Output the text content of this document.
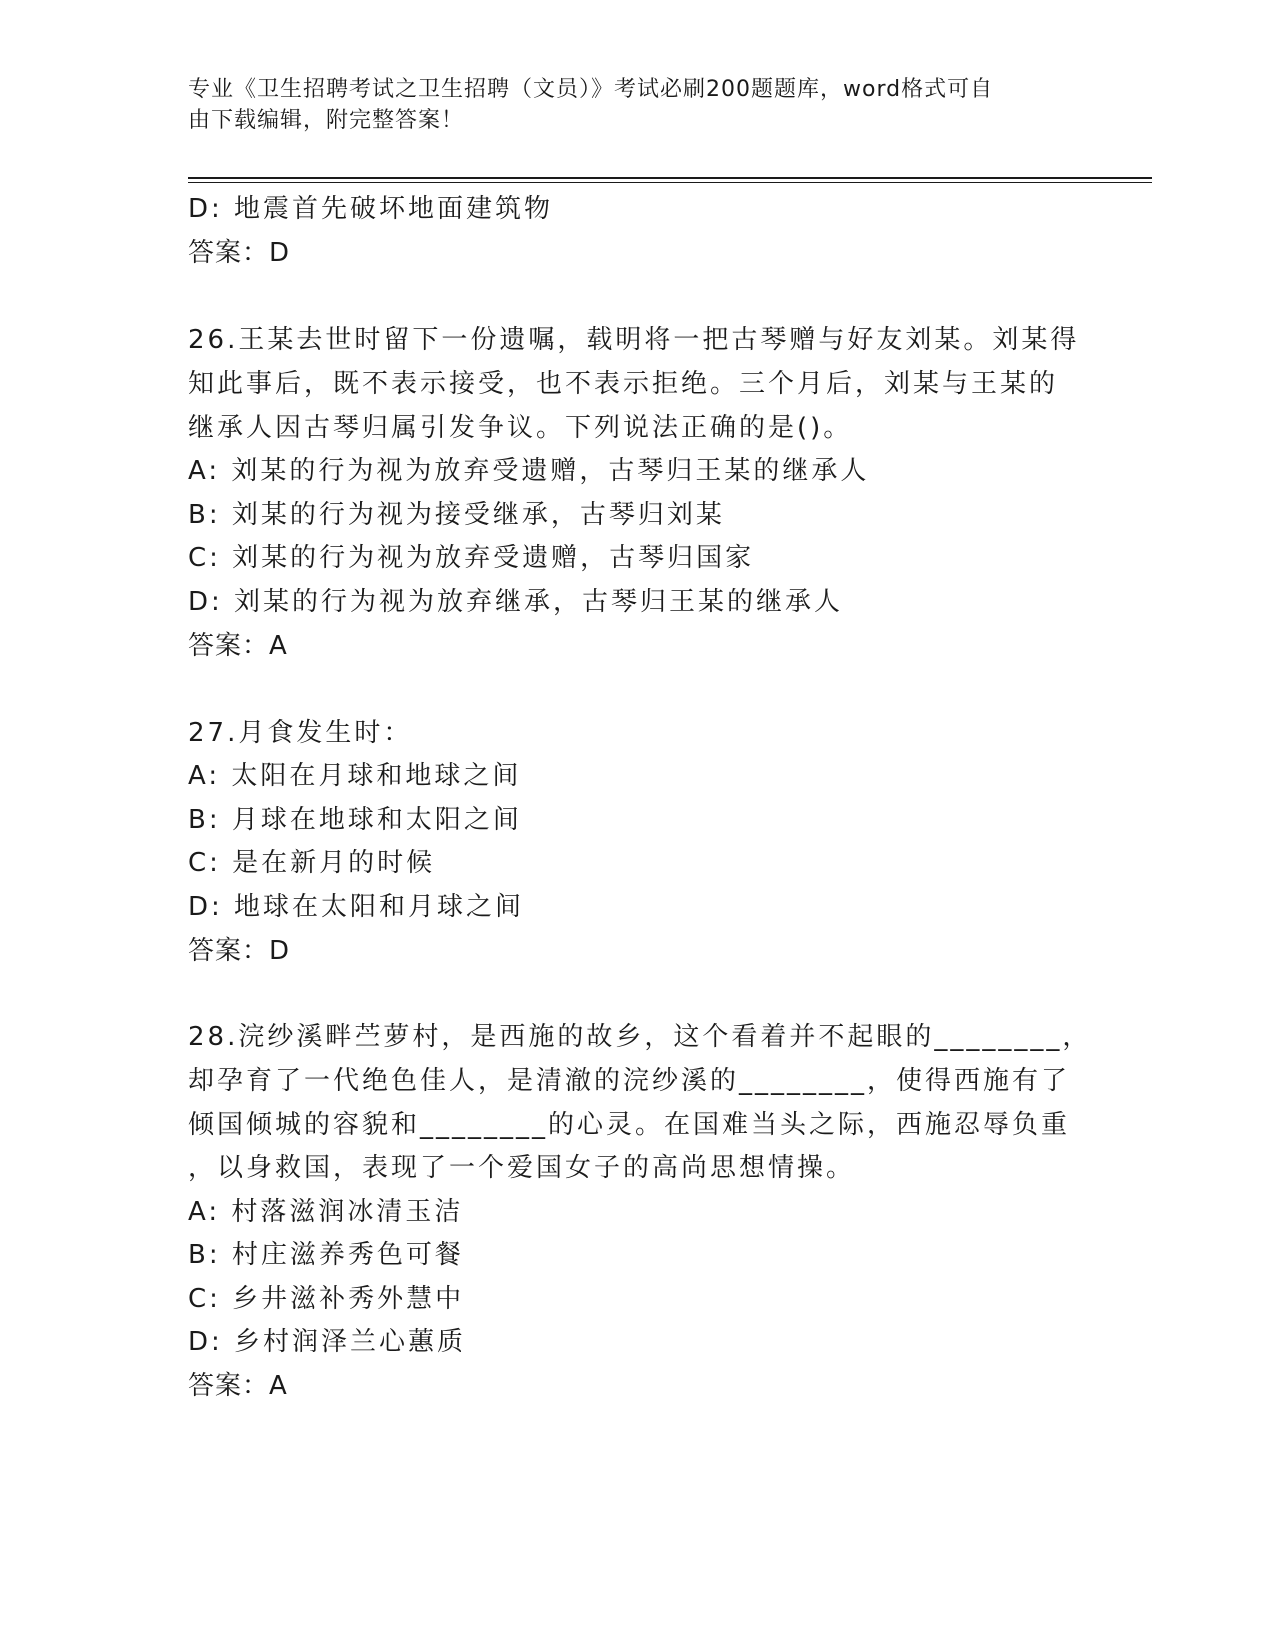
专业《卫生招聘考试之卫生招聘（文员）》考试必刷200题题库，word格式可自
由下载编辑，附完整答案！
D: 地震首先破坏地面建筑物
答案：D
26.王某去世时留下一份遗嘱，载明将一把古琴赠与好友刘某。刘某得
知此事后，既不表示接受，也不表示拒绝。三个月后，刘某与王某的
继承人因古琴归属引发争议。下列说法正确的是()。
A: 刘某的行为视为放弃受遗赠，古琴归王某的继承人
B: 刘某的行为视为接受继承，古琴归刘某
C: 刘某的行为视为放弃受遗赠，古琴归国家
D: 刘某的行为视为放弃继承，古琴归王某的继承人
答案：A
27.月食发生时：
A: 太阳在月球和地球之间
B: 月球在地球和太阳之间
C: 是在新月的时候
D: 地球在太阳和月球之间
答案：D
28.浣纱溪畔苎萝村，是西施的故乡，这个看着并不起眼的________，
却孕育了一代绝色佳人，是清澈的浣纱溪的________，使得西施有了
倾国倾城的容貌和________的心灵。在国难当头之际，西施忍辱负重
，以身救国，表现了一个爱国女子的高尚思想情操。
A: 村落滋润冰清玉洁
B: 村庄滋养秀色可餐
C: 乡井滋补秀外慧中
D: 乡村润泽兰心蕙质
答案：A
